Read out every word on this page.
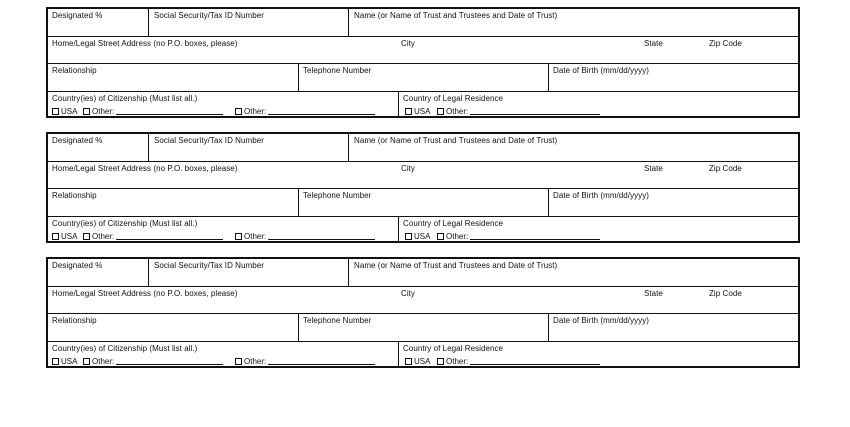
Designated %	Social Security/Tax ID Number	Name (or Name of Trust and Trustees and Date of Trust)
Home/Legal Street Address (no P.O. boxes, please)	City	State	Zip Code
Relationship	Telephone Number	Date of Birth (mm/dd/yyyy)
Country(ies) of Citizenship (Must list all.)
USA	Other:	Other:
Country of Legal Residence
USA	Other:
Designated %	Social Security/Tax ID Number	Name (or Name of Trust and Trustees and Date of Trust)
Home/Legal Street Address (no P.O. boxes, please)	City	State	Zip Code
Relationship	Telephone Number	Date of Birth (mm/dd/yyyy)
Country(ies) of Citizenship (Must list all.)
USA	Other:	Other:
Country of Legal Residence
USA	Other:
Designated %	Social Security/Tax ID Number	Name (or Name of Trust and Trustees and Date of Trust)
Home/Legal Street Address (no P.O. boxes, please)	City	State	Zip Code
Relationship	Telephone Number	Date of Birth (mm/dd/yyyy)
Country(ies) of Citizenship (Must list all.)
USA	Other:	Other:
Country of Legal Residence
USA	Other:
